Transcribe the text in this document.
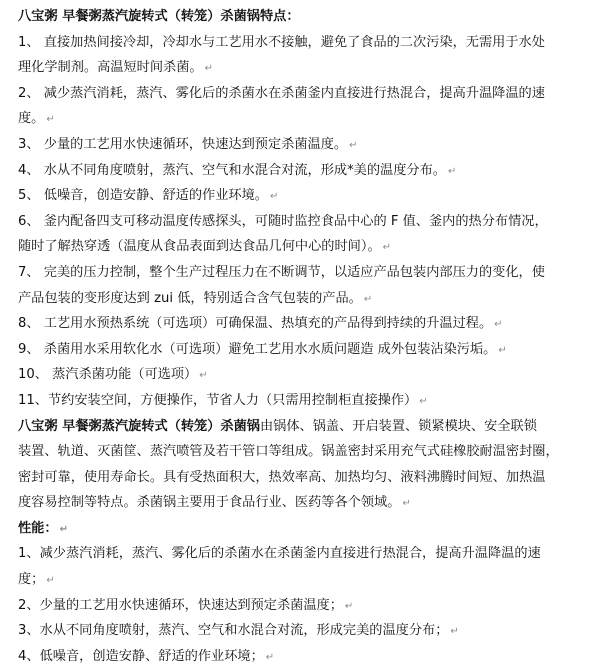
八宝粥 早餐粥蒸汽旋转式（转笼）杀菌锅特点：

1、 直接加热间接冷却，冷却水与工艺用水不接触，避免了食品的二次污染，无需用于水处

理化学制剂。高温短时间杀菌。 ↵

2、 减少蒸汽消耗，蒸汽、雾化后的杀菌水在杀菌釜内直接进行热混合，提高升温降温的速

度。 ↵

3、 少量的工艺用水快速循环，快速达到预定杀菌温度。 ↵

4、 水从不同角度喷射，蒸汽、空气和水混合对流，形成*美的温度分布。 ↵

5、 低噪音，创造安静、舒适的作业环境。 ↵

6、 釜内配备四支可移动温度传感探头，可随时监控食品中心的 F 值、釜内的热分布情况，

随时了解热穿透（温度从食品表面到达食品几何中心的时间）。 ↵

7、 完美的压力控制，整个生产过程压力在不断调节，以适应产品包装内部压力的变化，使

产品包装的变形度达到 zui 低，特别适合含气包装的产品。 ↵

8、 工艺用水预热系统（可选项）可确保温、热填充的产品得到持续的升温过程。 ↵

9、 杀菌用水采用软化水（可选项）避免工艺用水水质问题造 成外包装沾染污垢。 ↵

10、 蒸汽杀菌功能（可选项） ↵

11、节约安装空间，方便操作，节省人力（只需用控制柜直接操作） ↵

八宝粥 早餐粥蒸汽旋转式（转笼）杀菌锅由锅体、锅盖、开启装置、锁紧模块、安全联锁

装置、轨道、灭菌筐、蒸汽喷管及若干管口等组成。锅盖密封采用充气式硅橡胶耐温密封圈，

密封可靠，使用寿命长。具有受热面积大，热效率高、加热均匀、液料沸腾时间短、加热温

度容易控制等特点。杀菌锅主要用于食品行业、医药等各个领域。 ↵

性能： ↵

1、减少蒸汽消耗，蒸汽、雾化后的杀菌水在杀菌釜内直接进行热混合，提高升温降温的速

度； ↵

2、少量的工艺用水快速循环，快速达到预定杀菌温度； ↵

3、水从不同角度喷射，蒸汽、空气和水混合对流，形成完美的温度分布； ↵

4、低噪音，创造安静、舒适的作业环境； ↵
